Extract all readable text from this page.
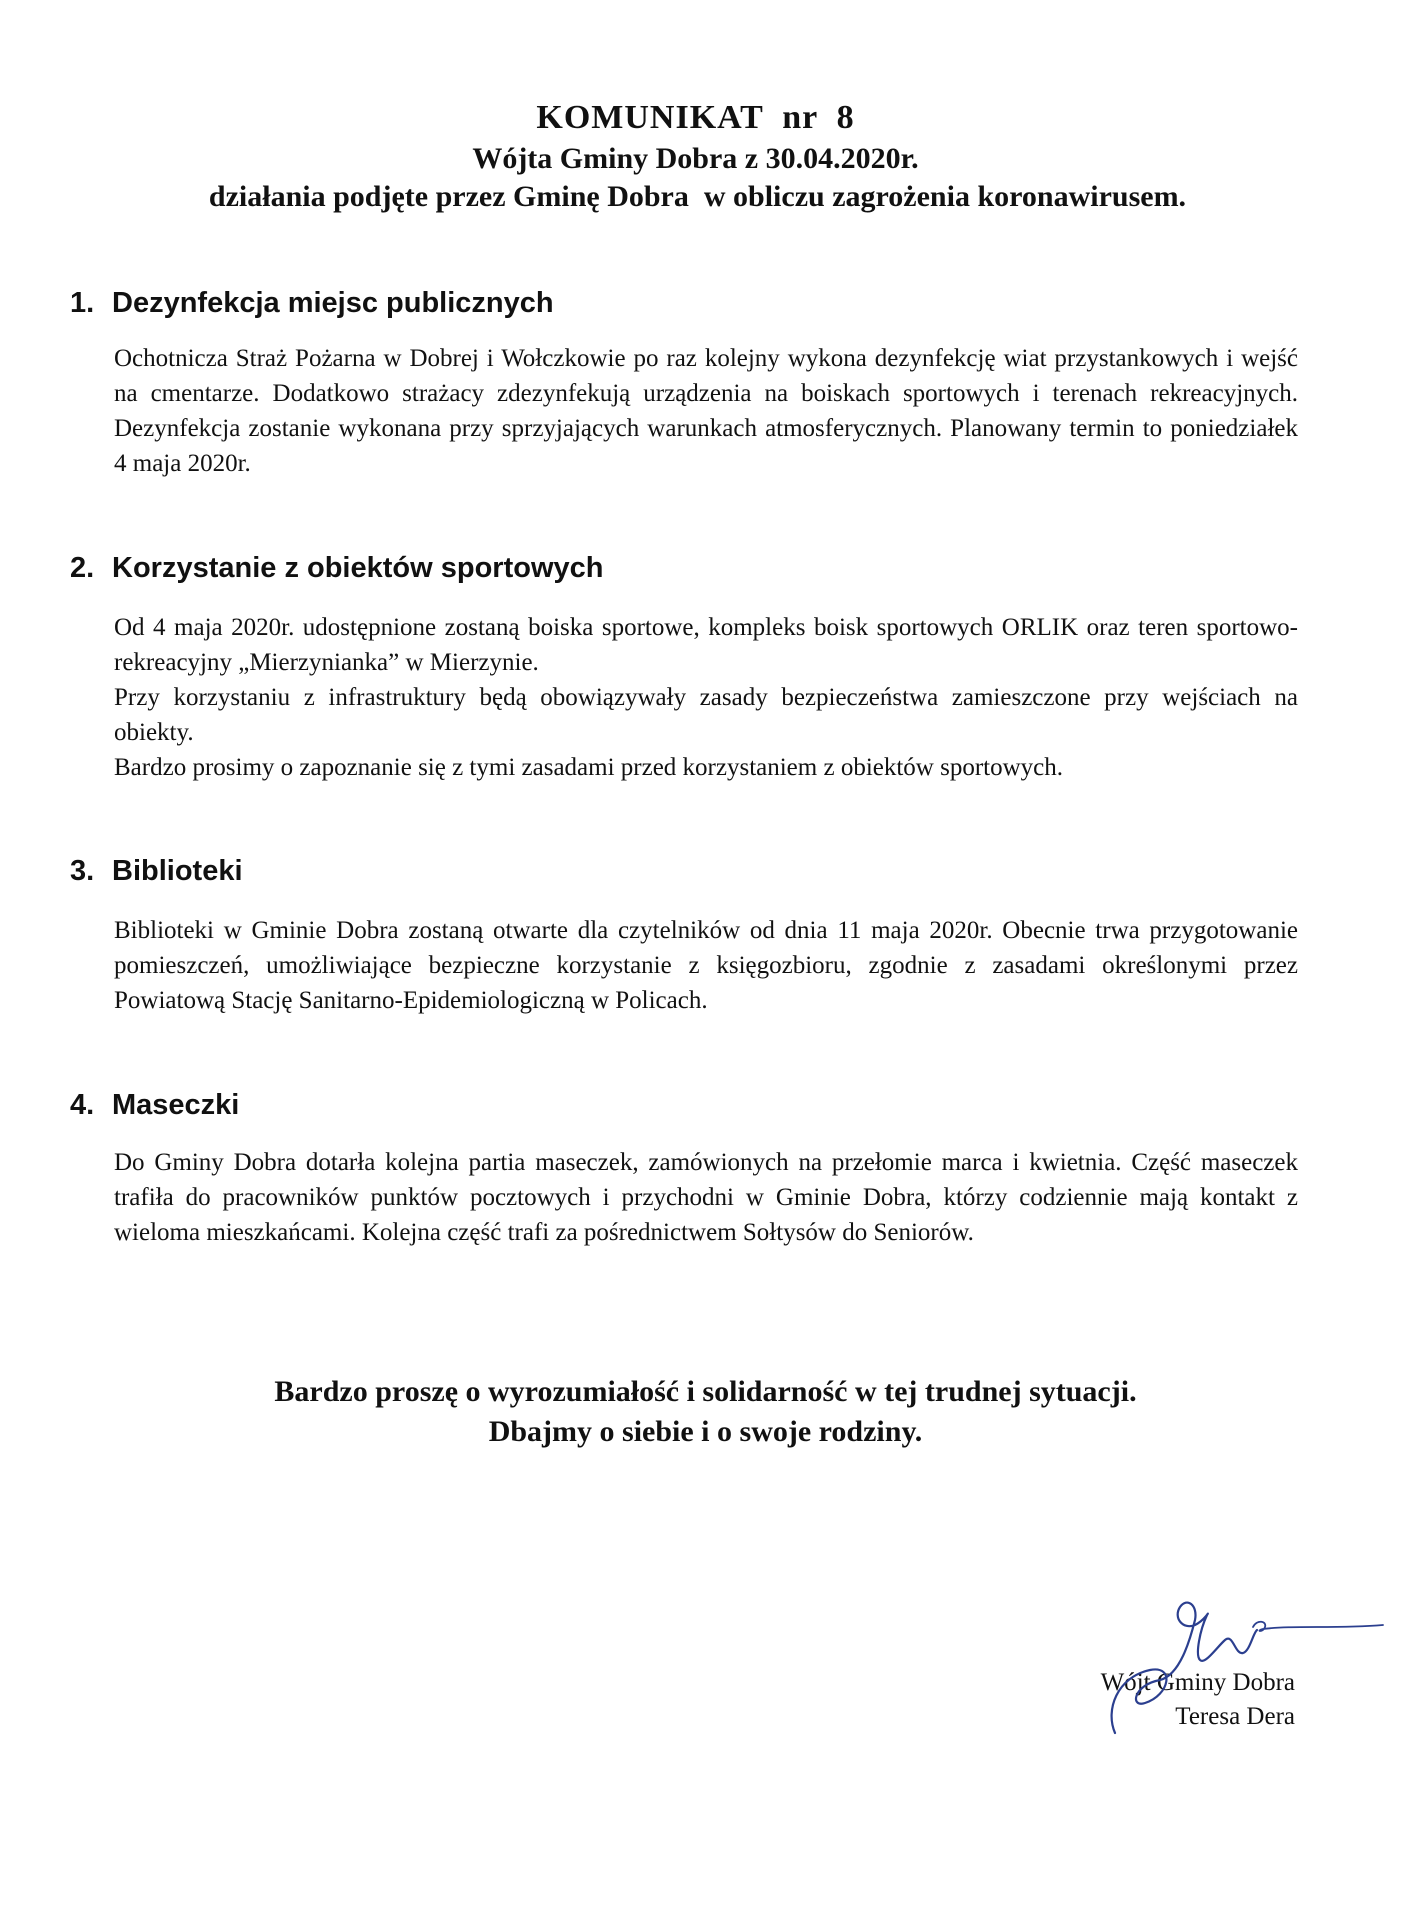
KOMUNIKAT  nr  8
Wójta Gminy Dobra z 30.04.2020r.
działania podjęte przez Gminę Dobra  w obliczu zagrożenia koronawirusem.
1. Dezynfekcja miejsc publicznych

Ochotnicza Straż Pożarna w Dobrej i Wołczkowie po raz kolejny wykona dezynfekcję wiat przystankowych i wejść  na cmentarze. Dodatkowo strażacy zdezynfekują urządzenia na boiskach sportowych i terenach rekreacyjnych. Dezynfekcja zostanie wykonana przy sprzyjających warunkach atmosferycznych. Planowany termin to poniedziałek 4 maja 2020r.

2. Korzystanie z obiektów sportowych

Od 4 maja 2020r. udostępnione zostaną boiska sportowe, kompleks boisk sportowych ORLIK oraz teren sportowo-rekreacyjny „Mierzynianka” w Mierzynie.

Przy korzystaniu z infrastruktury będą obowiązywały zasady bezpieczeństwa zamieszczone przy wejściach na obiekty.

Bardzo prosimy o zapoznanie się z tymi zasadami przed korzystaniem z obiektów sportowych.

3. Biblioteki

Biblioteki w Gminie Dobra zostaną otwarte dla czytelników od dnia 11 maja 2020r. Obecnie trwa przygotowanie pomieszczeń, umożliwiające bezpieczne korzystanie z księgozbioru, zgodnie z zasadami określonymi przez Powiatową Stację Sanitarno-Epidemiologiczną w Policach.

4. Maseczki

Do Gminy Dobra dotarła kolejna partia maseczek, zamówionych na przełomie marca i kwietnia. Część maseczek trafiła do pracowników punktów pocztowych i przychodni w Gminie Dobra, którzy codziennie mają kontakt z wieloma mieszkańcami. Kolejna część trafi za pośrednictwem Sołtysów do Seniorów.

Bardzo proszę o wyrozumiałość i solidarność w tej trudnej sytuacji.
Dbajmy o siebie i o swoje rodziny.
Wójt Gminy Dobra
Teresa Dera
